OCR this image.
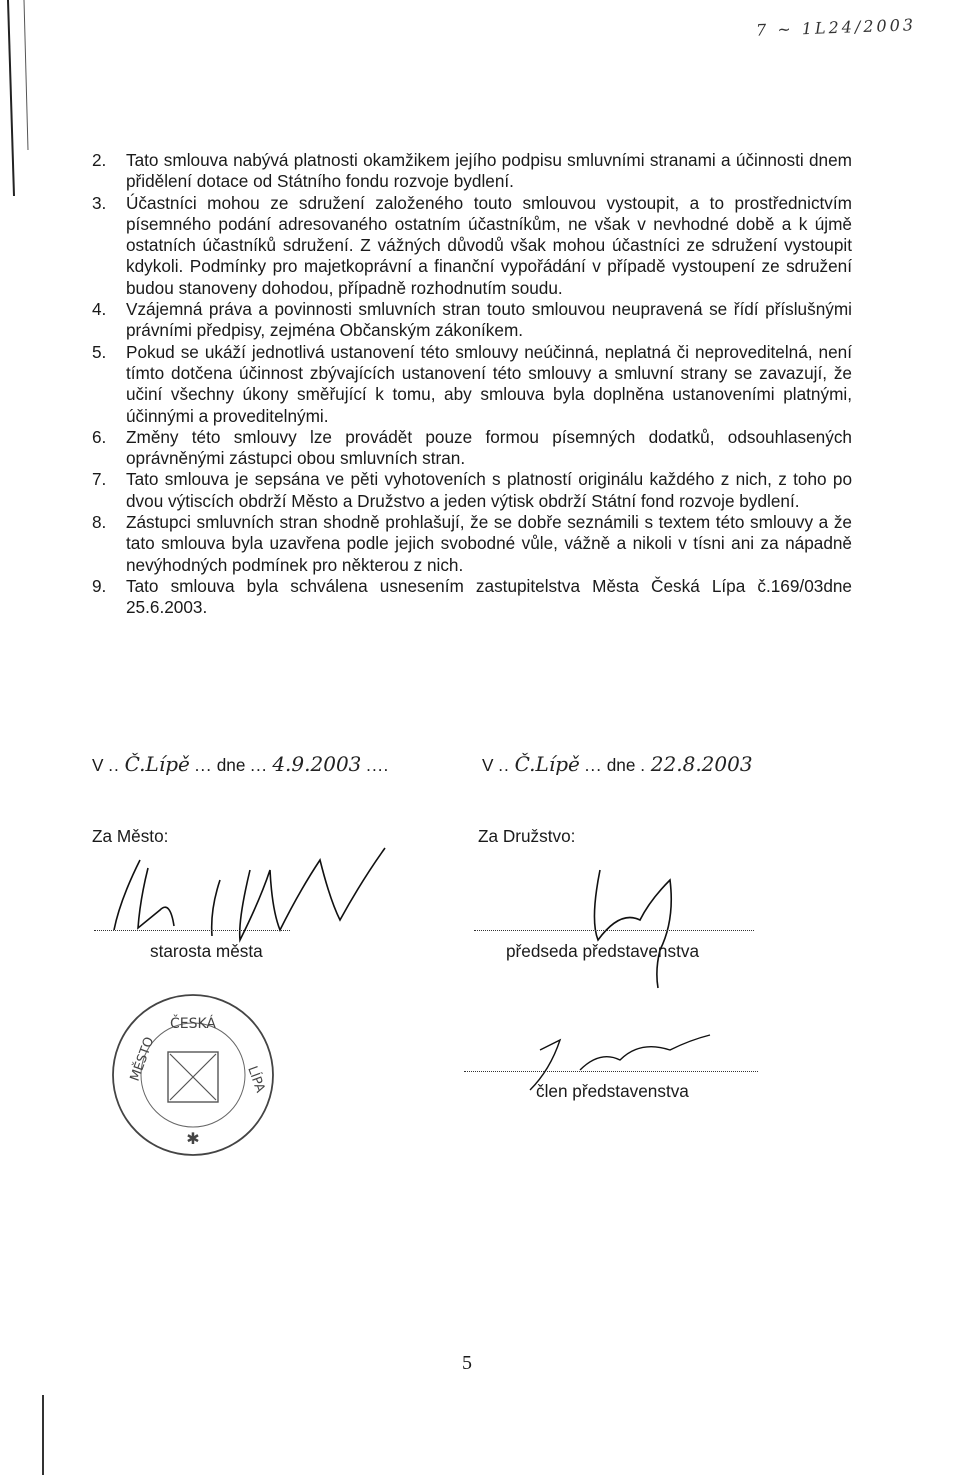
7 ~ 1L24/2003
2.	Tato smlouva nabývá platnosti okamžikem jejího podpisu smluvními stranami a účinnosti dnem přidělení dotace od Státního fondu rozvoje bydlení.
3.	Účastníci mohou ze sdružení založeného touto smlouvou vystoupit, a to prostřednictvím písemného podání adresovaného ostatním účastníkům, ne však v nevhodné době a k újmě ostatních účastníků sdružení. Z vážných důvodů však mohou účastníci ze sdružení vystoupit kdykoli. Podmínky pro majetkoprávní a finanční vypořádání v případě vystoupení ze sdružení budou stanoveny dohodou, případně rozhodnutím soudu.
4.	Vzájemná práva a povinnosti smluvních stran touto smlouvou neupravená se řídí příslušnými právními předpisy, zejména Občanským zákoníkem.
5.	Pokud se ukáží jednotlivá ustanovení této smlouvy neúčinná, neplatná či neproveditelná, není tímto dotčena účinnost zbývajících ustanovení této smlouvy a smluvní strany se zavazují, že učiní všechny úkony směřující k tomu, aby smlouva byla doplněna ustanoveními platnými, účinnými a proveditelnými.
6.	Změny této smlouvy lze provádět pouze formou písemných dodatků, odsouhlasených oprávněnými zástupci obou smluvních stran.
7.	Tato smlouva je sepsána ve pěti vyhotoveních s platností originálu každého z nich, z toho po dvou výtiscích obdrží Město a Družstvo a jeden výtisk obdrží Státní fond rozvoje bydlení.
8.	Zástupci smluvních stran shodně prohlašují, že se dobře seznámili s textem této smlouvy a že tato smlouva byla uzavřena podle jejich svobodné vůle, vážně a nikoli v tísni ani za nápadně nevýhodných podmínek pro některou z nich.
9.	Tato smlouva byla schválena usnesením zastupitelstva Města Česká Lípa č.169/03dne 25.6.2003.
V .. Č.Lípě ... dne ... 4.9.2003 ....	V .. Č.Lípě ... dne . 22.8.2003
Za Město:	Za Družstvo:
starosta města	předseda představenstva
člen představenstva
ČESKÁ
MĚSTO	LÍPA
✱
5
